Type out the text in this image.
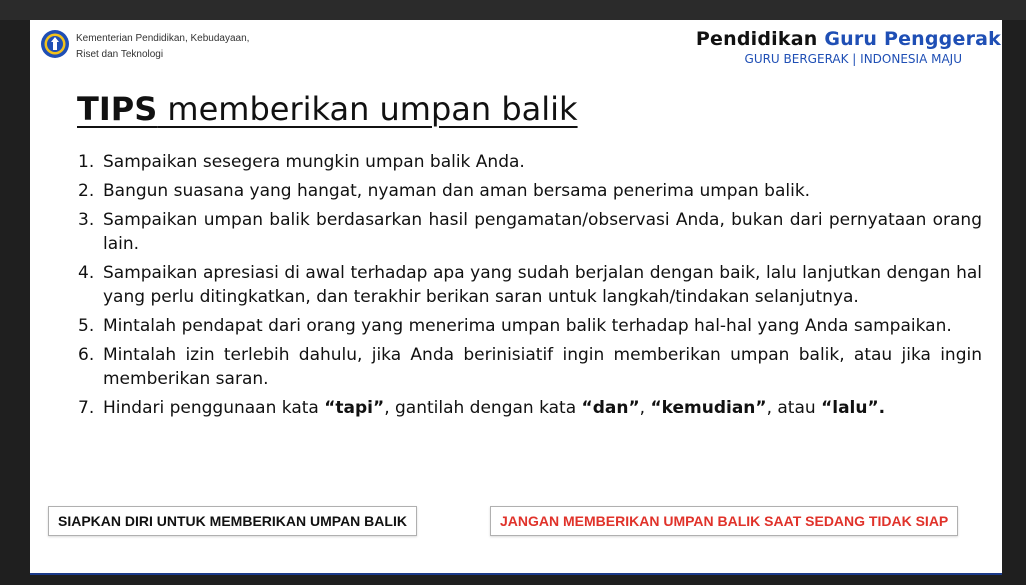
Kementerian Pendidikan, Kebudayaan,
Riset dan Teknologi
Pendidikan Guru Penggerak
GURU BERGERAK | INDONESIA MAJU
TIPS memberikan umpan balik
1. Sampaikan sesegera mungkin umpan balik Anda.
2. Bangun suasana yang hangat, nyaman dan aman bersama penerima umpan balik.
3. Sampaikan umpan balik berdasarkan hasil pengamatan/observasi Anda, bukan dari pernyataan orang lain.
4. Sampaikan apresiasi di awal terhadap apa yang sudah berjalan dengan baik, lalu lanjutkan dengan hal yang perlu ditingkatkan, dan terakhir berikan saran untuk langkah/tindakan selanjutnya.
5. Mintalah pendapat dari orang yang menerima umpan balik terhadap hal-hal yang Anda sampaikan.
6. Mintalah izin terlebih dahulu, jika Anda berinisiatif ingin memberikan umpan balik, atau jika ingin memberikan saran.
7. Hindari penggunaan kata “tapi”, gantilah dengan kata “dan”, “kemudian”, atau “lalu”.
SIAPKAN DIRI UNTUK MEMBERIKAN UMPAN BALIK	JANGAN MEMBERIKAN UMPAN BALIK SAAT SEDANG TIDAK SIAP
